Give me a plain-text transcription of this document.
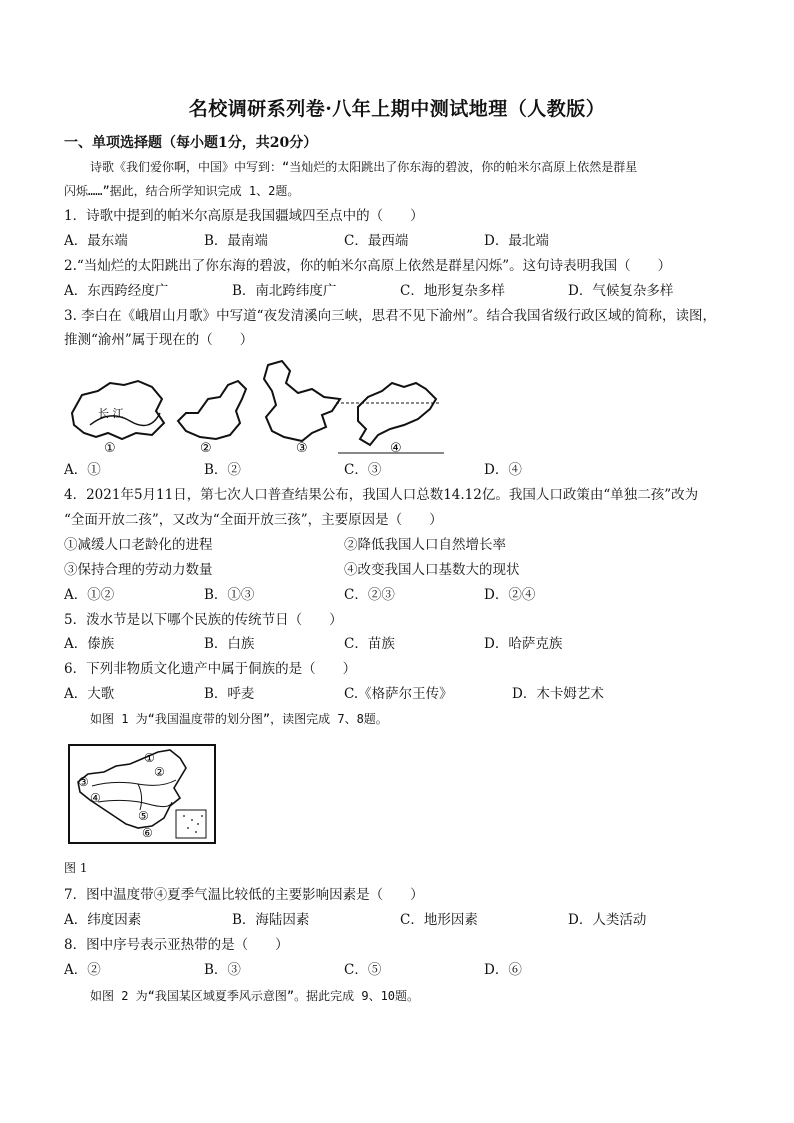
名校调研系列卷·八年上期中测试地理（人教版）
一、单项选择题（每小题1分，共20分）
诗歌《我们爱你啊，中国》中写到：“当灿烂的太阳跳出了你东海的碧波，你的帕米尔高原上依然是群星
闪烁……”据此，结合所学知识完成 1、2题。
1．诗歌中提到的帕米尔高原是我国疆域四至点中的（　　）
A．最东端	B．最南端	C．最西端	D．最北端
2.“当灿烂的太阳跳出了你东海的碧波，你的帕米尔高原上依然是群星闪烁”。这句诗表明我国（　　）
A．东西跨经度广	B．南北跨纬度广	C．地形复杂多样	D．气候复杂多样
3. 李白在《峨眉山月歌》中写道“夜发清溪向三峡，思君不见下渝州”。结合我国省级行政区域的简称，读图，
推测“渝州”属于现在的（　　）
长 江
①	②	③	④
A．①	B．②	C．③	D．④
4．2021年5月11日，第七次人口普查结果公布，我国人口总数14.12亿。我国人口政策由“单独二孩”改为
“全面开放二孩”，又改为“全面开放三孩”，主要原因是（　　）
①减缓人口老龄化的进程	②降低我国人口自然增长率
③保持合理的劳动力数量	④改变我国人口基数大的现状
A．①②	B．①③	C．②③	D．②④
5．泼水节是以下哪个民族的传统节日（　　）
A．傣族	B．白族	C．苗族	D．哈萨克族
6．下列非物质文化遗产中属于侗族的是（　　）
A．大歌	B．呼麦	C.《格萨尔王传》	D．木卡姆艺术
如图 1 为“我国温度带的划分图”，读图完成 7、8题。
①
②
③
④
⑤
⑥
图 1
7．图中温度带④夏季气温比较低的主要影响因素是（　　）
A．纬度因素	B．海陆因素	C．地形因素	D．人类活动
8．图中序号表示亚热带的是（　　）
A．②	B．③	C．⑤	D．⑥
如图 2 为“我国某区域夏季风示意图”。据此完成 9、10题。
